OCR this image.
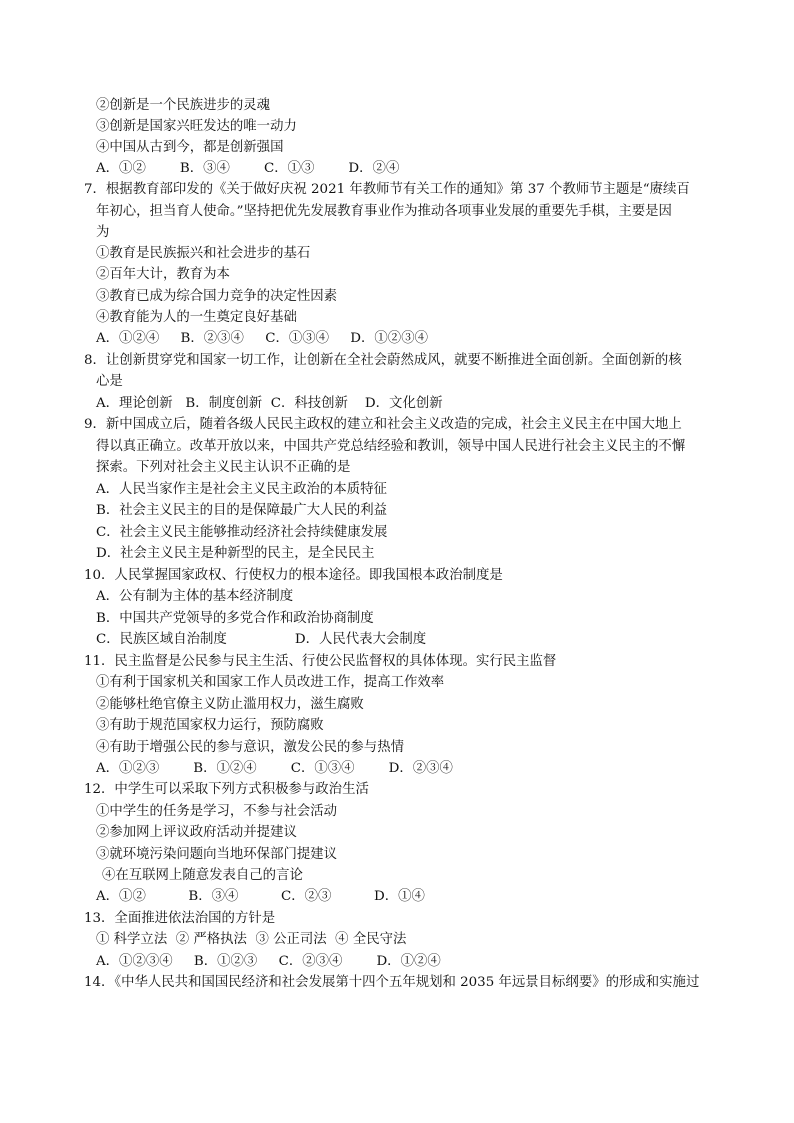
②创新是一个民族进步的灵魂
③创新是国家兴旺发达的唯一动力
④中国从古到今，都是创新强国
A．①②        B．③④        C．①③        D．②④
7．根据教育部印发的《关于做好庆祝 2021 年教师节有关工作的通知》第 37 个教师节主题是“赓续百
年初心，担当育人使命。”坚持把优先发展教育事业作为推动各项事业发展的重要先手棋，主要是因
为
①教育是民族振兴和社会进步的基石
②百年大计，教育为本
③教育已成为综合国力竞争的决定性因素
④教育能为人的一生奠定良好基础
A．①②④     B．②③④     C．①③④     D．①②③④
8．让创新贯穿党和国家一切工作，让创新在全社会蔚然成风，就要不断推进全面创新。全面创新的核
心是
A．理论创新   B．制度创新  C．科技创新    D．文化创新
9．新中国成立后，随着各级人民民主政权的建立和社会主义改造的完成，社会主义民主在中国大地上
得以真正确立。改革开放以来，中国共产党总结经验和教训，领导中国人民进行社会主义民主的不懈
探索。下列对社会主义民主认识不正确的是
A．人民当家作主是社会主义民主政治的本质特征
B．社会主义民主的目的是保障最广大人民的利益
C．社会主义民主能够推动经济社会持续健康发展
D．社会主义民主是种新型的民主，是全民民主
10．人民掌握国家政权、行使权力的根本途径。即我国根本政治制度是
A．公有制为主体的基本经济制度
B．中国共产党领导的多党合作和政治协商制度
C．民族区域自治制度                D．人民代表大会制度
11．民主监督是公民参与民主生活、行使公民监督权的具体体现。实行民主监督
①有利于国家机关和国家工作人员改进工作，提高工作效率
②能够杜绝官僚主义防止滥用权力，滋生腐败
③有助于规范国家权力运行，预防腐败
④有助于增强公民的参与意识，激发公民的参与热情
A．①②③        B．①②④        C．①③④        D．②③④
12．中学生可以采取下列方式积极参与政治生活
①中学生的任务是学习，不参与社会活动
②参加网上评议政府活动并提建议
③就环境污染问题向当地环保部门提建议
④在互联网上随意发表自己的言论
A．①②          B．③④          C．②③          D．①④
13．全面推进依法治国的方针是
① 科学立法  ② 严格执法  ③ 公正司法  ④ 全民守法
A．①②③④     B．①②③     C．②③④        D．①②④
14．《中华人民共和国国民经济和社会发展第十四个五年规划和 2035 年远景目标纲要》的形成和实施过
